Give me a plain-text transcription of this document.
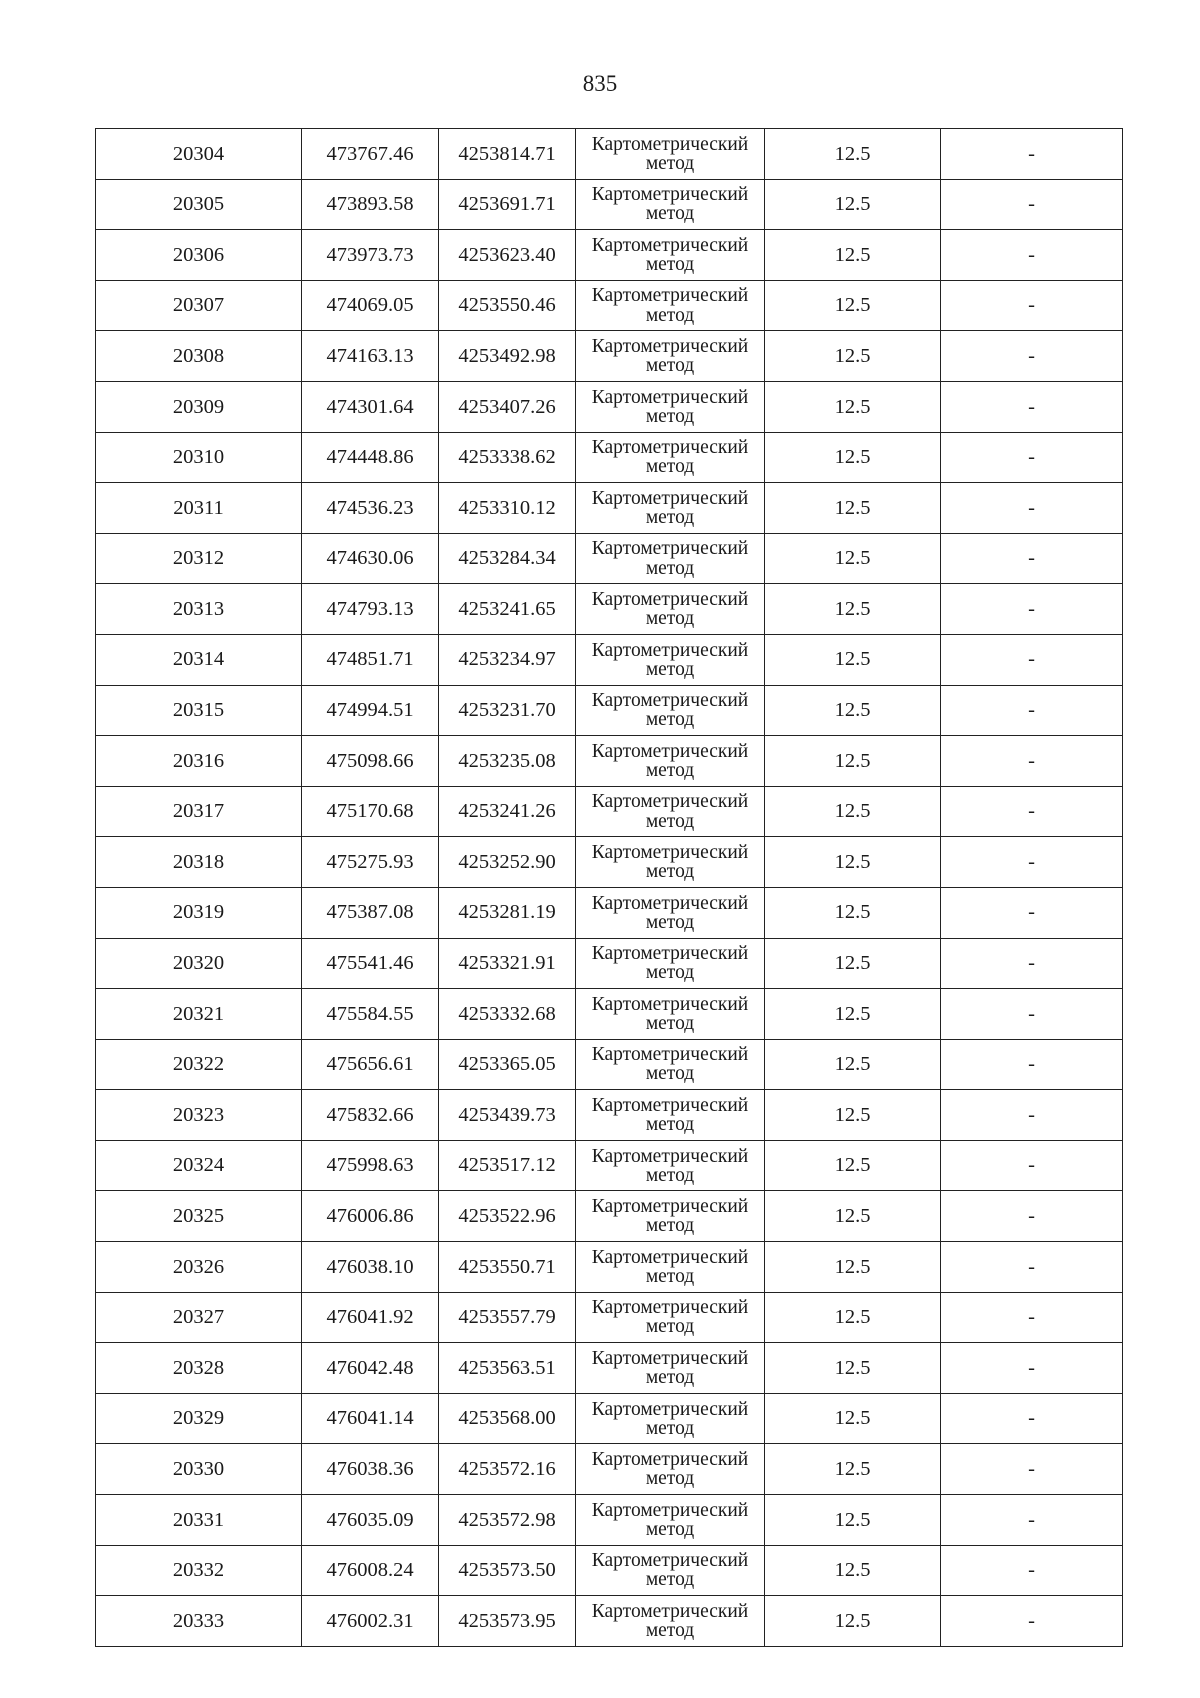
835
20304	473767.46	4253814.71	Картометрический
метод	12.5	-
20305	473893.58	4253691.71	Картометрический
метод	12.5	-
20306	473973.73	4253623.40	Картометрический
метод	12.5	-
20307	474069.05	4253550.46	Картометрический
метод	12.5	-
20308	474163.13	4253492.98	Картометрический
метод	12.5	-
20309	474301.64	4253407.26	Картометрический
метод	12.5	-
20310	474448.86	4253338.62	Картометрический
метод	12.5	-
20311	474536.23	4253310.12	Картометрический
метод	12.5	-
20312	474630.06	4253284.34	Картометрический
метод	12.5	-
20313	474793.13	4253241.65	Картометрический
метод	12.5	-
20314	474851.71	4253234.97	Картометрический
метод	12.5	-
20315	474994.51	4253231.70	Картометрический
метод	12.5	-
20316	475098.66	4253235.08	Картометрический
метод	12.5	-
20317	475170.68	4253241.26	Картометрический
метод	12.5	-
20318	475275.93	4253252.90	Картометрический
метод	12.5	-
20319	475387.08	4253281.19	Картометрический
метод	12.5	-
20320	475541.46	4253321.91	Картометрический
метод	12.5	-
20321	475584.55	4253332.68	Картометрический
метод	12.5	-
20322	475656.61	4253365.05	Картометрический
метод	12.5	-
20323	475832.66	4253439.73	Картометрический
метод	12.5	-
20324	475998.63	4253517.12	Картометрический
метод	12.5	-
20325	476006.86	4253522.96	Картометрический
метод	12.5	-
20326	476038.10	4253550.71	Картометрический
метод	12.5	-
20327	476041.92	4253557.79	Картометрический
метод	12.5	-
20328	476042.48	4253563.51	Картометрический
метод	12.5	-
20329	476041.14	4253568.00	Картометрический
метод	12.5	-
20330	476038.36	4253572.16	Картометрический
метод	12.5	-
20331	476035.09	4253572.98	Картометрический
метод	12.5	-
20332	476008.24	4253573.50	Картометрический
метод	12.5	-
20333	476002.31	4253573.95	Картометрический
метод	12.5	-
